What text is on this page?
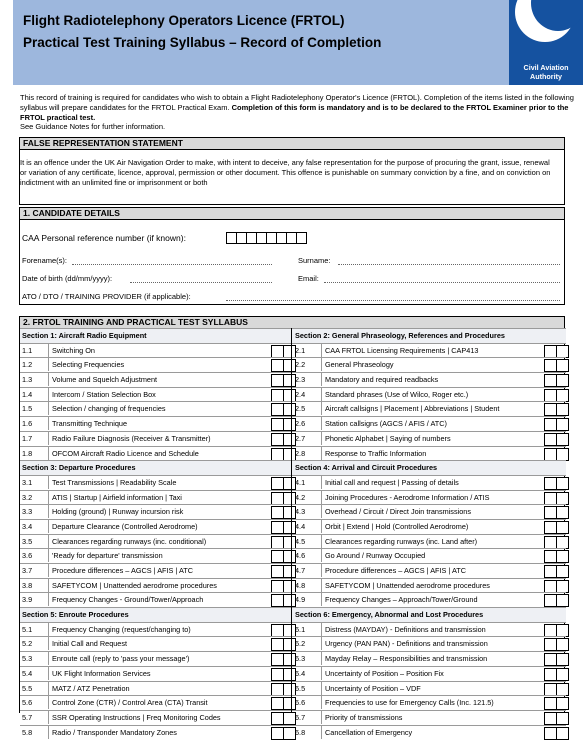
Flight Radiotelephony Operators Licence (FRTOL)
Practical Test Training Syllabus – Record of Completion
Civil Aviation
Authority
This record of training is required for candidates who wish to obtain a Flight Radiotelephony Operator's Licence (FRTOL). Completion of the items listed in the following syllabus will prepare candidates for the FRTOL Practical Exam. Completion of this form is mandatory and is to be declared to the FRTOL Examiner prior to the FRTOL practical test.
See Guidance Notes for further information.
FALSE REPRESENTATION STATEMENT
It is an offence under the UK Air Navigation Order to make, with intent to deceive, any false representation for the purpose of procuring the grant, issue, renewal or variation of any certificate, licence, approval, permission or other document. This offence is punishable on summary conviction by a fine, and on conviction on indictment with an unlimited fine or imprisonment or both
1. CANDIDATE DETAILS
CAA Personal reference number (if known):
Forename(s):	Surname:
Date of birth (dd/mm/yyyy):	Email:
ATO / DTO / TRAINING PROVIDER (if applicable):
2. FRTOL TRAINING AND PRACTICAL TEST SYLLABUS
Section 1: Aircraft Radio Equipment
1.1	Switching On
1.2	Selecting Frequencies
1.3	Volume and Squelch Adjustment
1.4	Intercom / Station Selection Box
1.5	Selection / changing of frequencies
1.6	Transmitting Technique
1.7	Radio Failure Diagnosis (Receiver & Transmitter)
1.8	OFCOM Aircraft Radio Licence and Schedule
Section 3: Departure Procedures
3.1	Test Transmissions | Readability Scale
3.2	ATIS | Startup | Airfield information | Taxi
3.3	Holding (ground) | Runway incursion risk
3.4	Departure Clearance (Controlled Aerodrome)
3.5	Clearances regarding runways (inc. conditional)
3.6	'Ready for departure' transmission
3.7	Procedure differences – AGCS | AFIS | ATC
3.8	SAFETYCOM | Unattended aerodrome procedures
3.9	Frequency Changes - Ground/Tower/Approach
Section 5: Enroute Procedures
5.1	Frequency Changing (request/changing to)
5.2	Initial Call and Request
5.3	Enroute call (reply to 'pass your message')
5.4	UK Flight Information Services
5.5	MATZ / ATZ Penetration
5.6	Control Zone (CTR) / Control Area (CTA) Transit
5.7	SSR Operating Instructions | Freq Monitoring Codes
5.8	Radio / Transponder Mandatory Zones
Section 2: General Phraseology, References and Procedures
2.1	CAA FRTOL Licensing Requirements | CAP413
2.2	General Phraseology
2.3	Mandatory and required readbacks
2.4	Standard phrases (Use of Wilco, Roger etc.)
2.5	Aircraft callsigns | Placement | Abbreviations | Student
2.6	Station callsigns (AGCS / AFIS / ATC)
2.7	Phonetic Alphabet | Saying of numbers
2.8	Response to Traffic Information
Section 4: Arrival and Circuit Procedures
4.1	Initial call and request | Passing of details
4.2	Joining Procedures - Aerodrome Information / ATIS
4.3	Overhead / Circuit / Direct Join transmissions
4.4	Orbit | Extend | Hold (Controlled Aerodrome)
4.5	Clearances regarding runways (inc. Land after)
4.6	Go Around / Runway Occupied
4.7	Procedure differences – AGCS | AFIS | ATC
4.8	SAFETYCOM | Unattended aerodrome procedures
4.9	Frequency Changes – Approach/Tower/Ground
Section 6: Emergency, Abnormal and Lost Procedures
6.1	Distress (MAYDAY) - Definitions and transmission
6.2	Urgency (PAN PAN) - Definitions and transmission
6.3	Mayday Relay – Responsibilities and transmission
6.4	Uncertainty of Position – Position Fix
6.5	Uncertainty of Position – VDF
6.6	Frequencies to use for Emergency Calls (Inc. 121.5)
6.7	Priority of transmissions
6.8	Cancellation of Emergency
